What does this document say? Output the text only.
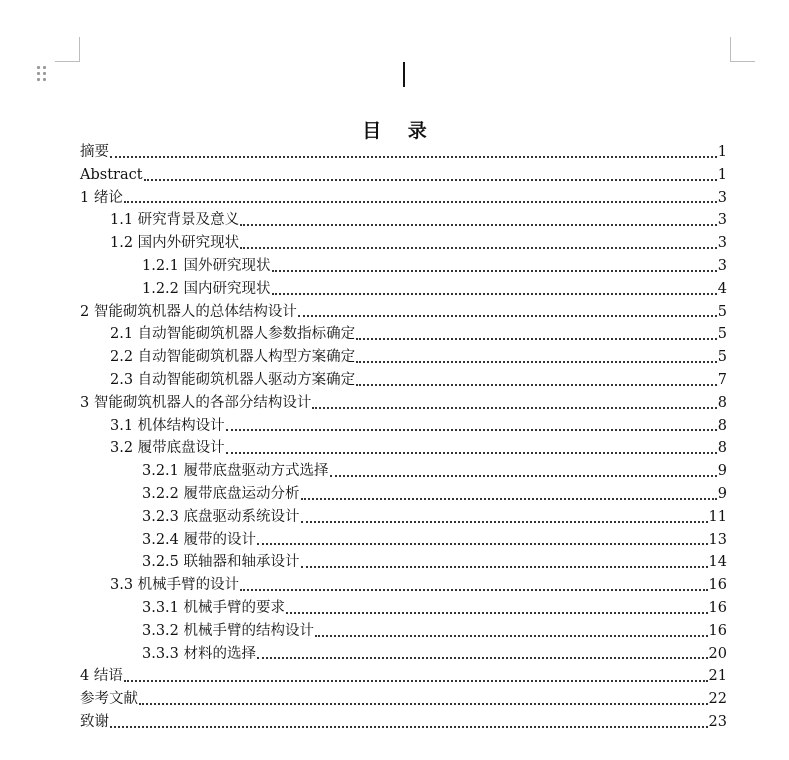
目 录
摘要	1
Abstract	1
1 绪论	3
1.1 研究背景及意义	3
1.2 国内外研究现状	3
1.2.1 国外研究现状	3
1.2.2 国内研究现状	4
2 智能砌筑机器人的总体结构设计	5
2.1 自动智能砌筑机器人参数指标确定	5
2.2 自动智能砌筑机器人构型方案确定	5
2.3 自动智能砌筑机器人驱动方案确定	7
3 智能砌筑机器人的各部分结构设计	8
3.1 机体结构设计	8
3.2 履带底盘设计	8
3.2.1 履带底盘驱动方式选择	9
3.2.2 履带底盘运动分析	9
3.2.3 底盘驱动系统设计	11
3.2.4 履带的设计	13
3.2.5 联轴器和轴承设计	14
3.3 机械手臂的设计	16
3.3.1 机械手臂的要求	16
3.3.2 机械手臂的结构设计	16
3.3.3 材料的选择	20
4 结语	21
参考文献	22
致谢	23
